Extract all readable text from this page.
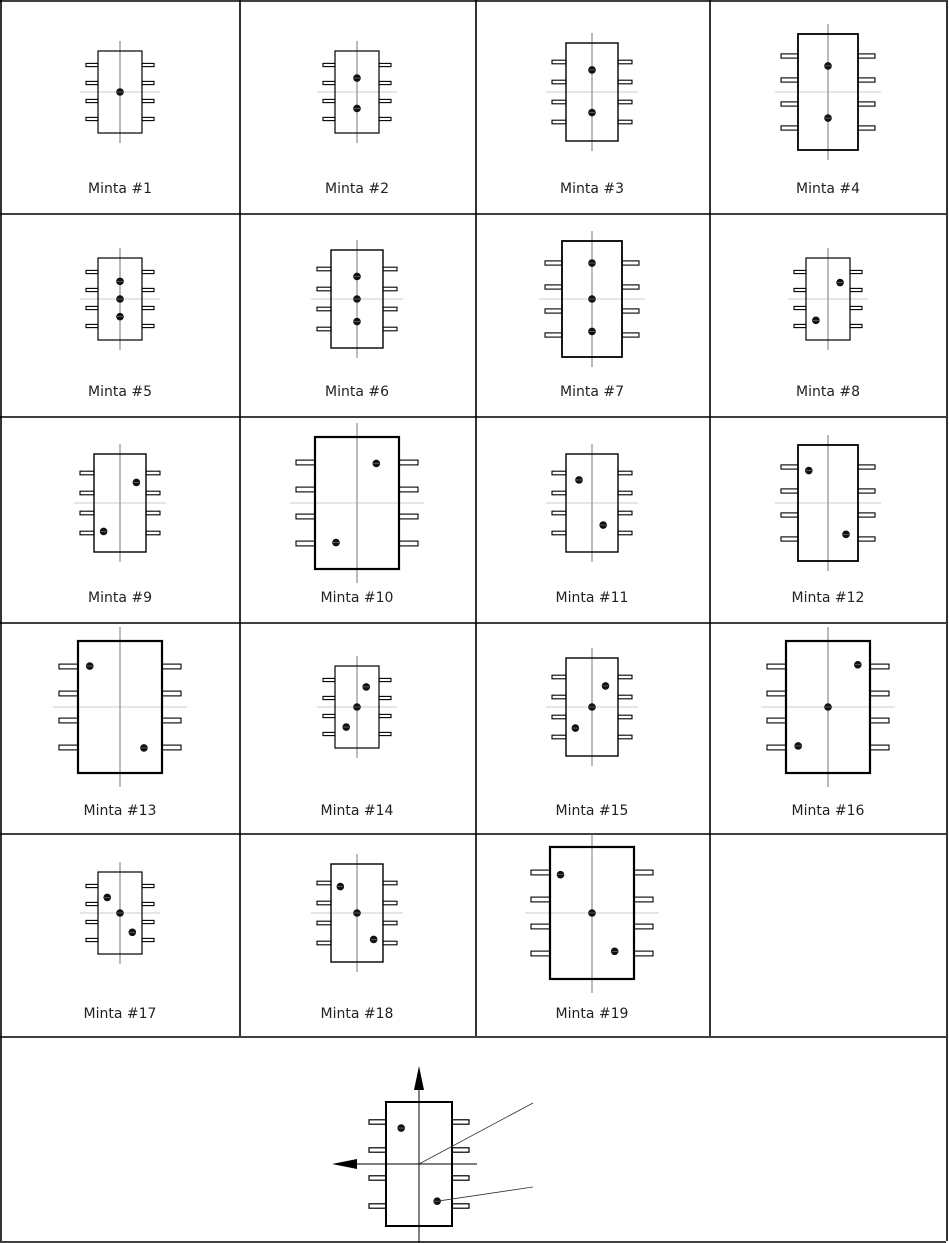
Minta #1	Minta #2	Minta #3	Minta #4
Minta #5	Minta #6	Minta #7	Minta #8
Minta #9	Minta #10	Minta #11	Minta #12
Minta #13	Minta #14	Minta #15	Minta #16
Minta #17	Minta #18	Minta #19
